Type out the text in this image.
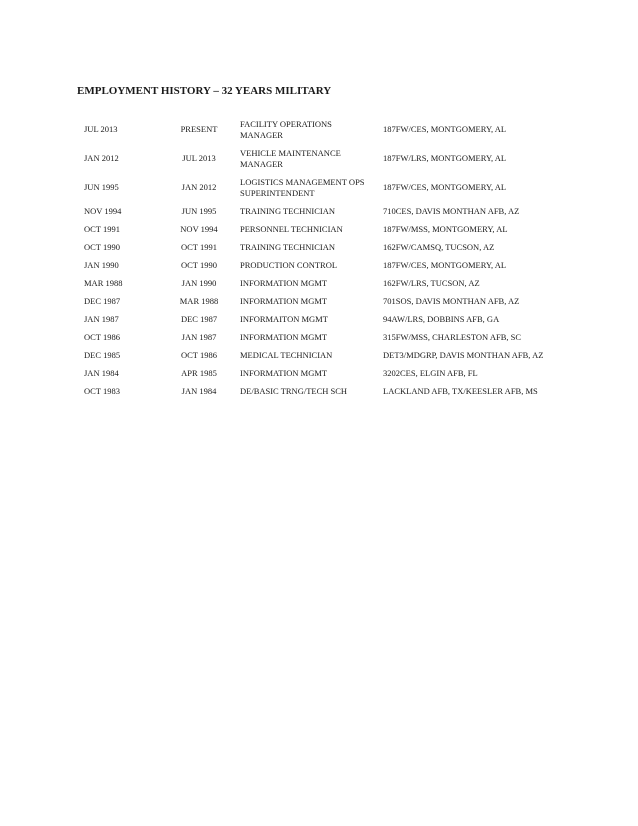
EMPLOYMENT HISTORY – 32 YEARS MILITARY
JUL 2013	PRESENT	FACILITY OPERATIONS MANAGER	187FW/CES, MONTGOMERY, AL
JAN 2012	JUL 2013	VEHICLE MAINTENANCE MANAGER	187FW/LRS, MONTGOMERY, AL
JUN 1995	JAN 2012	LOGISTICS MANAGEMENT OPS SUPERINTENDENT	187FW/CES, MONTGOMERY, AL
NOV 1994	JUN 1995	TRAINING TECHNICIAN	710CES, DAVIS MONTHAN AFB, AZ
OCT 1991	NOV 1994	PERSONNEL TECHNICIAN	187FW/MSS, MONTGOMERY, AL
OCT 1990	OCT 1991	TRAINING TECHNICIAN	162FW/CAMSQ, TUCSON, AZ
JAN 1990	OCT 1990	PRODUCTION CONTROL	187FW/CES, MONTGOMERY, AL
MAR 1988	JAN 1990	INFORMATION MGMT	162FW/LRS, TUCSON, AZ
DEC 1987	MAR 1988	INFORMATION MGMT	701SOS, DAVIS MONTHAN AFB, AZ
JAN 1987	DEC 1987	INFORMAITON MGMT	94AW/LRS, DOBBINS AFB, GA
OCT 1986	JAN 1987	INFORMATION MGMT	315FW/MSS, CHARLESTON AFB, SC
DEC 1985	OCT 1986	MEDICAL TECHNICIAN	DET3/MDGRP, DAVIS MONTHAN AFB, AZ
JAN 1984	APR 1985	INFORMATION MGMT	3202CES, ELGIN AFB, FL
OCT 1983	JAN 1984	DE/BASIC TRNG/TECH SCH	LACKLAND AFB, TX/KEESLER AFB, MS
